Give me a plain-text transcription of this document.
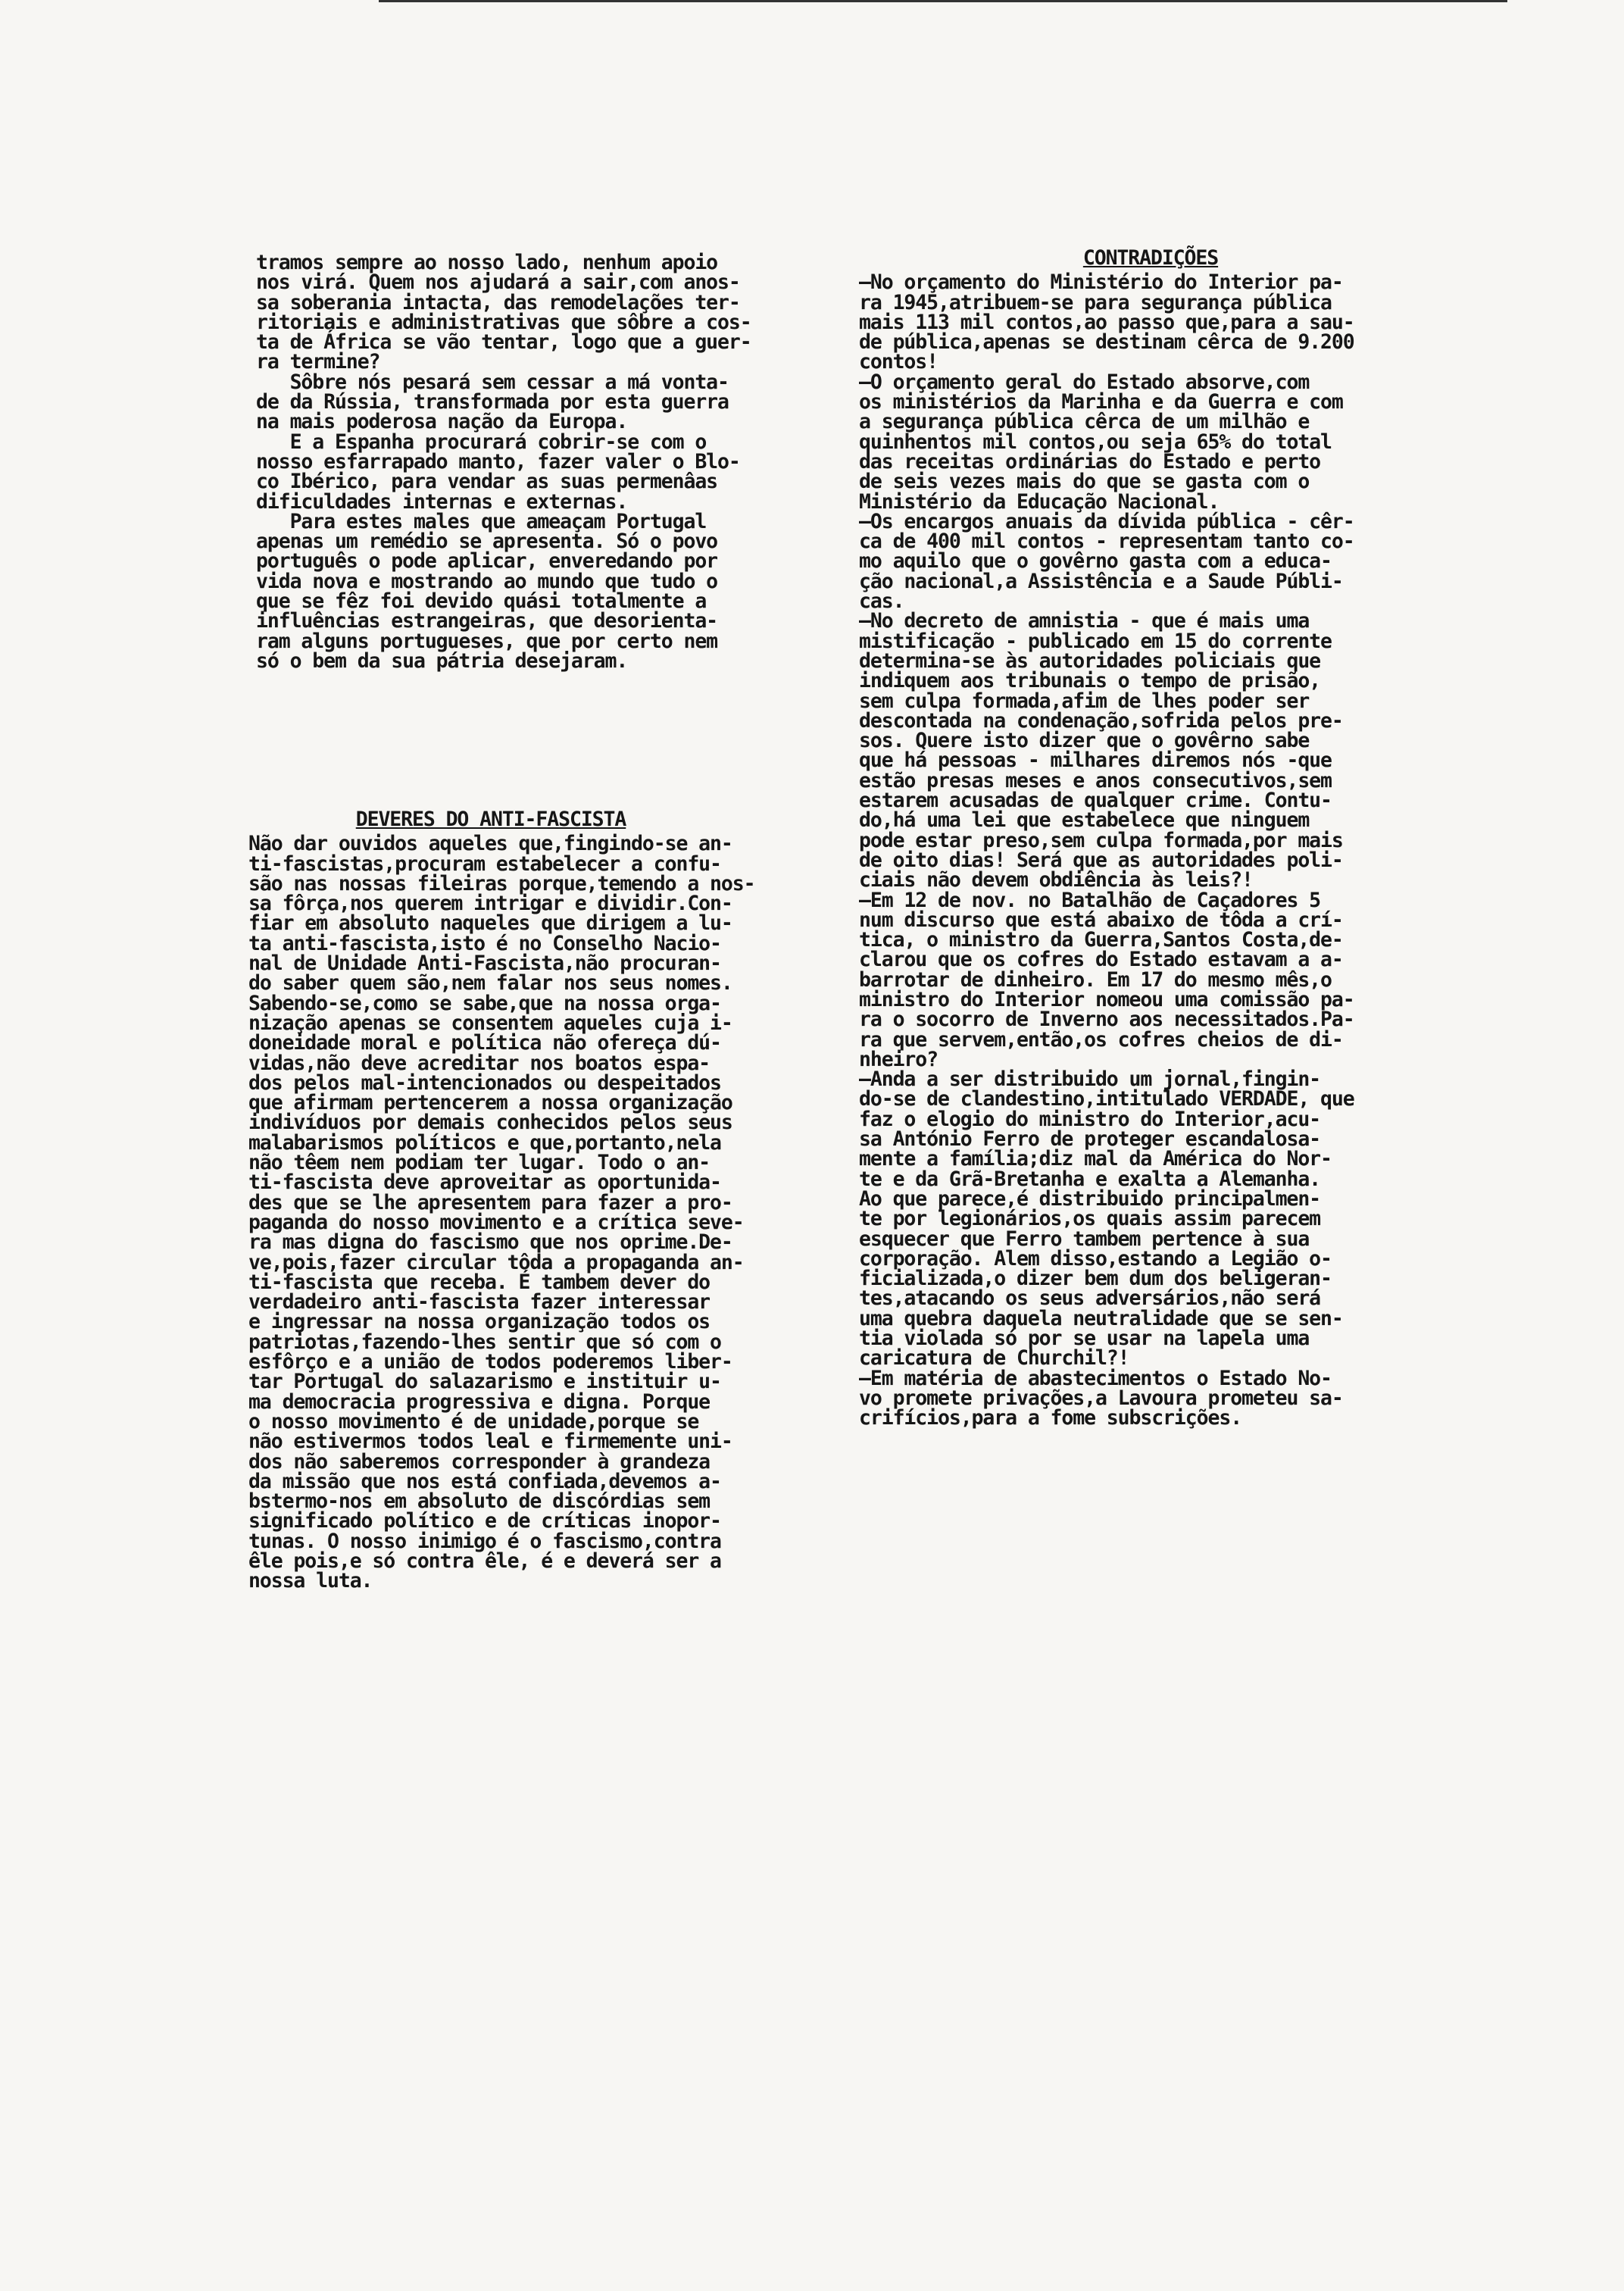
tramos sempre ao nosso lado, nenhum apoio

nos virá. Quem nos ajudará a sair,com anos-

sa soberania intacta, das remodelações ter-

ritoriais e administrativas que sôbre a cos-

ta de África se vão tentar, logo que a guer-

ra termine?

Sôbre nós pesará sem cessar a má vonta-

de da Rússia, transformada por esta guerra

na mais poderosa nação da Europa.

E a Espanha procurará cobrir-se com o

nosso esfarrapado manto, fazer valer o Blo-

co Ibérico, para vendar as suas permenâas

dificuldades internas e externas.

Para estes males que ameaçam Portugal

apenas um remédio se apresenta. Só o povo

português o pode aplicar, enveredando por

vida nova e mostrando ao mundo que tudo o

que se fêz foi devido quási totalmente a

influências estrangeiras, que desorienta-

ram alguns portugueses, que por certo nem

só o bem da sua pátria desejaram.

DEVERES DO ANTI-FASCISTA

Não dar ouvidos aqueles que,fingindo-se an-

ti-fascistas,procuram estabelecer a confu-

são nas nossas fileiras porque,temendo a nos-

sa fôrça,nos querem intrigar e dividir.Con-

fiar em absoluto naqueles que dirigem a lu-

ta anti-fascista,isto é no Conselho Nacio-

nal de Unidade Anti-Fascista,não procuran-

do saber quem são,nem falar nos seus nomes.

Sabendo-se,como se sabe,que na nossa orga-

nização apenas se consentem aqueles cuja i-

doneidade moral e política não ofereça dú-

vidas,não deve acreditar nos boatos espa-

dos pelos mal-intencionados ou despeitados

que afirmam pertencerem a nossa organização

indivíduos por demais conhecidos pelos seus

malabarismos políticos e que,portanto,nela

não têem nem podiam ter lugar. Todo o an-

ti-fascista deve aproveitar as oportunida-

des que se lhe apresentem para fazer a pro-

paganda do nosso movimento e a crítica seve-

ra mas digna do fascismo que nos oprime.De-

ve,pois,fazer circular tôda a propaganda an-

ti-fascista que receba. É tambem dever do

verdadeiro anti-fascista fazer interessar

e ingressar na nossa organização todos os

patriotas,fazendo-lhes sentir que só com o

esfôrço e a união de todos poderemos liber-

tar Portugal do salazarismo e instituir u-

ma democracia progressiva e digna. Porque

o nosso movimento é de unidade,porque se

não estivermos todos leal e firmemente uni-

dos não saberemos corresponder à grandeza

da missão que nos está confiada,devemos a-

bstermo-nos em absoluto de discórdias sem

significado político e de críticas inopor-

tunas. O nosso inimigo é o fascismo,contra

êle pois,e só contra êle, é e deverá ser a

nossa luta.

CONTRADIÇÕES

—No orçamento do Ministério do Interior pa-

ra 1945,atribuem-se para segurança pública

mais 113 mil contos,ao passo que,para a sau-

de pública,apenas se destinam cêrca de 9.200

contos!

—O orçamento geral do Estado absorve,com

os ministérios da Marinha e da Guerra e com

a segurança pública cêrca de um milhão e

quinhentos mil contos,ou seja 65% do total

das receitas ordinárias do Estado e perto

de seis vezes mais do que se gasta com o

Ministério da Educação Nacional.

—Os encargos anuais da dívida pública - cêr-

ca de 400 mil contos - representam tanto co-

mo aquilo que o govêrno gasta com a educa-

ção nacional,a Assistência e a Saude Públi-

cas.

—No decreto de amnistia - que é mais uma

mistificação - publicado em 15 do corrente

determina-se às autoridades policiais que

indiquem aos tribunais o tempo de prisão,

sem culpa formada,afim de lhes poder ser

descontada na condenação,sofrida pelos pre-

sos. Quere isto dizer que o govêrno sabe

que há pessoas - milhares diremos nós -que

estão presas meses e anos consecutivos,sem

estarem acusadas de qualquer crime. Contu-

do,há uma lei que estabelece que ninguem

pode estar preso,sem culpa formada,por mais

de oito dias! Será que as autoridades poli-

ciais não devem obdiência às leis?!

—Em 12 de nov. no Batalhão de Caçadores 5

num discurso que está abaixo de tôda a crí-

tica, o ministro da Guerra,Santos Costa,de-

clarou que os cofres do Estado estavam a a-

barrotar de dinheiro. Em 17 do mesmo mês,o

ministro do Interior nomeou uma comissão pa-

ra o socorro de Inverno aos necessitados.Pa-

ra que servem,então,os cofres cheios de di-

nheiro?

—Anda a ser distribuido um jornal,fingin-

do-se de clandestino,intitulado VERDADE, que

faz o elogio do ministro do Interior,acu-

sa António Ferro de proteger escandalosa-

mente a família;diz mal da América do Nor-

te e da Grã-Bretanha e exalta a Alemanha.

Ao que parece,é distribuido principalmen-

te por legionários,os quais assim parecem

esquecer que Ferro tambem pertence à sua

corporação. Alem disso,estando a Legião o-

ficializada,o dizer bem dum dos beligeran-

tes,atacando os seus adversários,não será

uma quebra daquela neutralidade que se sen-

tia violada só por se usar na lapela uma

caricatura de Churchil?!

—Em matéria de abastecimentos o Estado No-

vo promete privações,a Lavoura prometeu sa-

crifícios,para a fome subscrições.
